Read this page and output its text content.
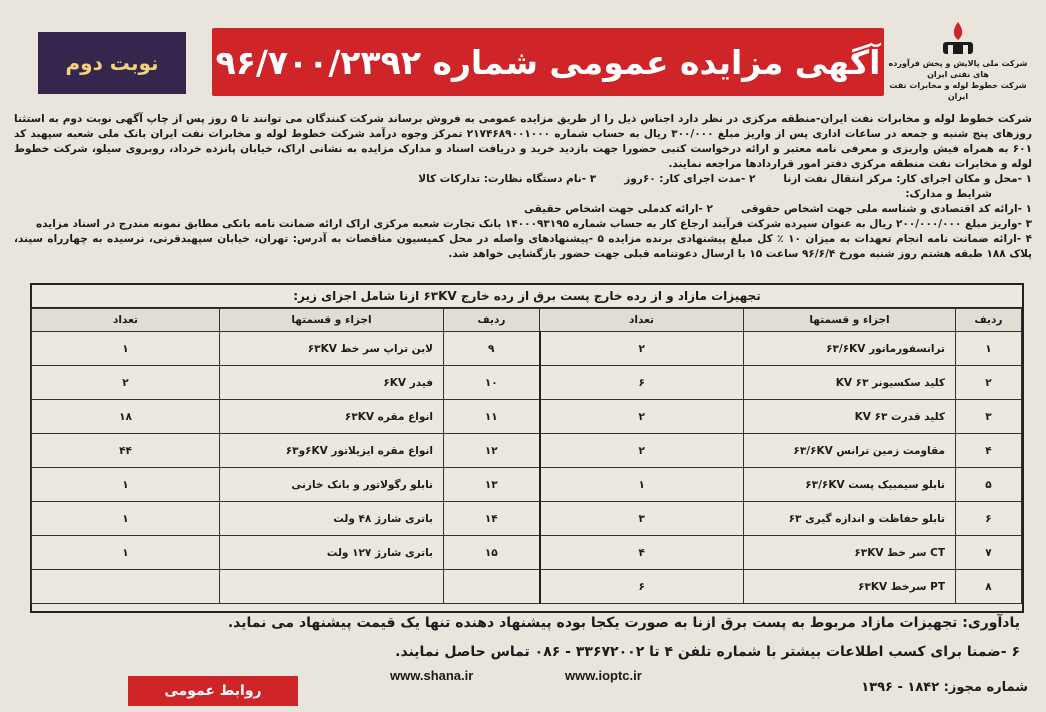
شرکت ملی پالایش و پخش فرآورده های نفتی ایران
شرکت خطوط لوله و مخابرات نفت ایران
آگهی مزایده عمومی شماره ۹۶/۷۰۰/۲۳۹۲
نوبت دوم

شرکت خطوط لوله و مخابرات نفت ایران-منطقه مرکزی در نظر دارد اجناس ذیل را از طریق مزایده عمومی به فروش برساند شرکت کنندگان می توانند تا ۵ روز پس از چاپ آگهی نوبت دوم به استثنا روزهای پنج شنبه و جمعه در ساعات اداری پس از واریز مبلغ ۳۰۰/۰۰۰ ریال به حساب شماره ۲۱۷۴۶۸۹۰۰۱۰۰۰ تمرکز وجوه درآمد شرکت خطوط لوله و مخابرات نفت ایران بانک ملی شعبه سپهبد کد ۶۰۱ به همراه فیش واریزی و معرفی نامه معتبر و ارائه درخواست کتبی حضورا جهت بازدید خرید و دریافت اسناد و مدارک مزایده به نشانی اراک، خیابان پانزده خرداد، روبروی سیلو، شرکت خطوط لوله و مخابرات نفت منطقه مرکزی دفتر امور قراردادها مراجعه نمایند.

۱ -محل و مکان اجرای کار: مرکز انتقال نفت ازنا
۲ -مدت اجرای کار: ۶۰روز
۳ -نام دستگاه نظارت: تدارکات کالا

شرایط و مدارک:

۱ -ارائه کد اقتصادی و شناسه ملی جهت اشخاص حقوقی
۲ -ارائه کدملی جهت اشخاص حقیقی

۳ -واریز مبلغ ۲۰۰/۰۰۰/۰۰۰ ریال به عنوان سپرده شرکت فرآیند ارجاع کار به حساب شماره ۱۴۰۰۰۹۳۱۹۵ بانک تجارت شعبه مرکزی اراک ارائه ضمانت نامه بانکی مطابق نمونه مندرج در اسناد مزایده

۴ -ارائه ضمانت نامه انجام تعهدات به میزان ۱۰ ٪ کل مبلغ پیشنهادی برنده مزایده ۵ -پیشنهادهای واصله در محل کمیسیون مناقصات به آدرس: تهران، خیابان سپهبدقرنی، نرسیده به چهارراه سپند، پلاک ۱۸۸ طبقه هشتم روز شنبه مورخ ۹۶/۶/۴ ساعت ۱۵ با ارسال دعوتنامه قبلی جهت حضور بازگشایی خواهد شد.

تجهیزات مازاد و از رده خارج پست برق از رده خارج ۶۳KV ازنا شامل اجزای زیر:
ردیف	اجزاء و قسمتها	تعداد	ردیف	اجزاء و قسمتها	تعداد
۱	ترانسفورماتور ۶۳/۶KV	۲	۹	لاین تراپ سر خط ۶۳KV	۱
۲	کلید سکسیونر ۶۳ KV	۶	۱۰	فیدر ۶KV	۲
۳	کلید قدرت ۶۳ KV	۲	۱۱	انواع مقره ۶۳KV	۱۸
۴	مقاومت زمین ترانس ۶۳/۶KV	۲	۱۲	انواع مقره ایزیلاتور ۶KVو۶۳	۴۴
۵	تابلو سیمبیک پست ۶۳/۶KV	۱	۱۳	تابلو رگولاتور و بانک خازنی	۱
۶	تابلو حفاظت و اندازه گیری ۶۳	۳	۱۴	باتری شارژ ۴۸ ولت	۱
۷	CT سر خط ۶۳KV	۴	۱۵	باتری شارژ ۱۲۷ ولت	۱
۸	PT سرخط ۶۳KV	۶			
یادآوری: تجهیزات مازاد مربوط به پست برق ازنا به صورت یکجا بوده پیشنهاد دهنده تنها یک قیمت پیشنهاد می نماید.
۶ -ضمنا برای کسب اطلاعات بیشتر با شماره تلفن ۴ تا ۳۳۶۷۲۰۰۲ - ۰۸۶ تماس حاصل نمایند.
روابط عمومی
www.shana.ir	www.ioptc.ir
شماره مجوز: ۱۸۴۲ - ۱۳۹۶
